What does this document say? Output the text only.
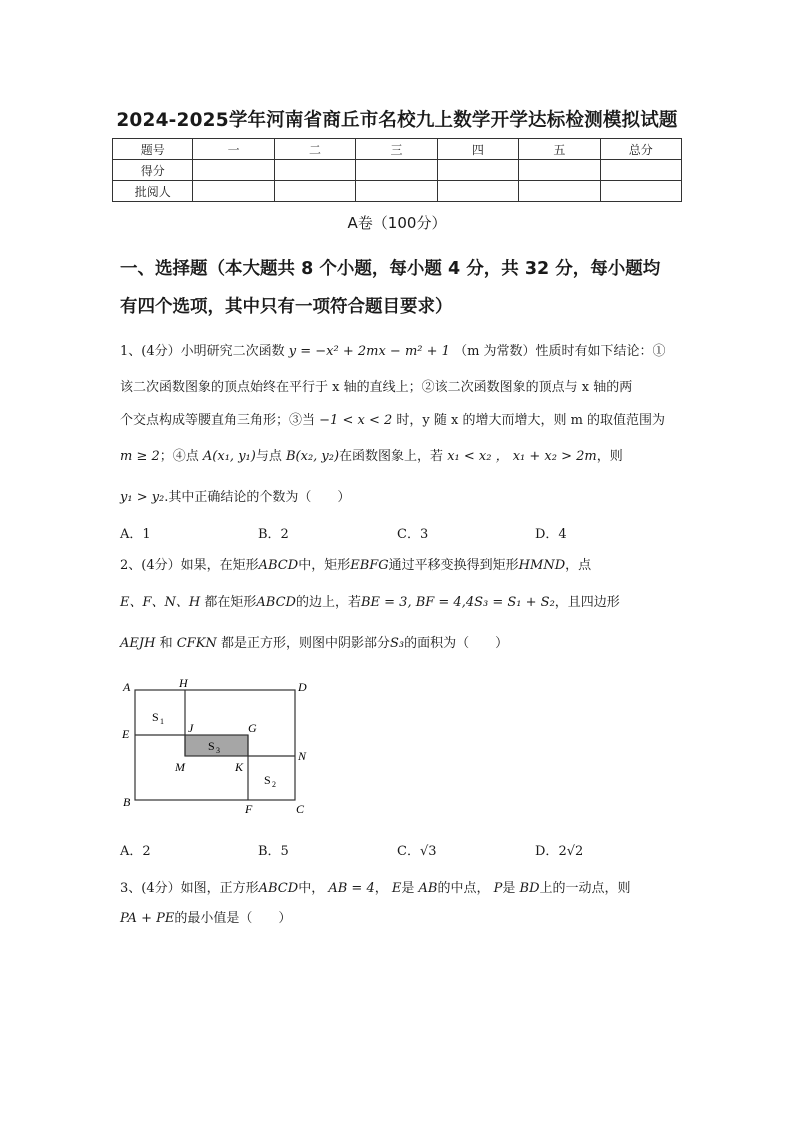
2024-2025学年河南省商丘市名校九上数学开学达标检测模拟试题
题号	一	二	三	四	五	总分
得分						
批阅人						
A卷（100分）
一、选择题（本大题共 8 个小题，每小题 4 分，共 32 分，每小题均
有四个选项，其中只有一项符合题目要求）
1、(4分）小明研究二次函数 y = −x² + 2mx − m² + 1 （m 为常数）性质时有如下结论：①
该二次函数图象的顶点始终在平行于 x 轴的直线上；②该二次函数图象的顶点与 x 轴的两
个交点构成等腰直角三角形；③当 −1 < x < 2 时，y 随 x 的增大而增大，则 m 的取值范围为
m ≥ 2；④点 A(x₁, y₁)与点 B(x₂, y₂)在函数图象上，若 x₁ < x₂ ， x₁ + x₂ > 2m，则
y₁ > y₂.其中正确结论的个数为（　　）
A．1	B．2	C．3	D．4
2、(4分）如果，在矩形ABCD中，矩形EBFG通过平移变换得到矩形HMND，点
E、F、N、H 都在矩形ABCD的边上，若BE = 3, BF = 4,4S₃ = S₁ + S₂，且四边形
AEJH 和 CFKN 都是正方形，则图中阴影部分S₃的面积为（　　）
A	H	D
E	J	G
N
M	K
B	F	C
S 1
S 3
S 2
A．2	B．5	C．√3	D．2√2
3、(4分）如图，正方形ABCD中， AB = 4， E是 AB的中点， P是 BD上的一动点，则
PA + PE的最小值是（　　）
